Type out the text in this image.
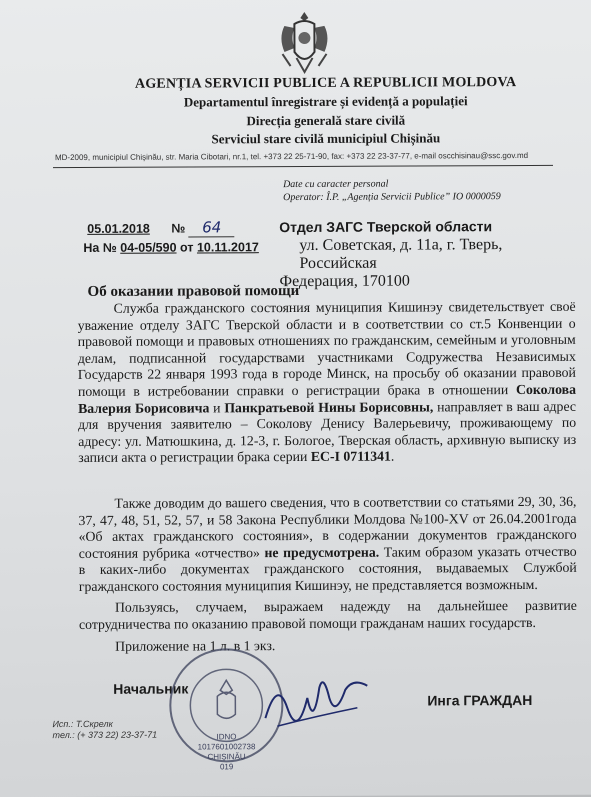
AGENȚIA SERVICII PUBLICE A REPUBLICII MOLDOVA
Departamentul înregistrare și evidență a populației
Direcția generală stare civilă
Serviciul stare civilă municipiul Chișinău
MD-2009, municipiul Chișinău, str. Maria Cibotari, nr.1, tel. +373 22 25-71-90, fax: +373 22 23-37-77, e-mail oscchisinau@ssc.gov.md
Date cu caracter personal
Operator: Î.P. „Agenția Servicii Publice” IO 0000059
05.01.2018 № 64
На № 04-05/590 от 10.11.2017
Отдел ЗАГС Тверской области
ул. Советская, д. 11а, г. Тверь, Российская
Федерация, 170100
Об оказании правовой помощи
Служба гражданского состояния муниципия Кишинэу свидетельствует своё уважение отделу ЗАГС Тверской области и в соответствии со ст.5 Конвенции о правовой помощи и правовых отношениях по гражданским, семейным и уголовным делам, подписанной государствами участниками Содружества Независимых Государств 22 января 1993 года в городе Минск, на просьбу об оказании правовой помощи в истребовании справки о регистрации брака в отношении Соколова Валерия Борисовича и Панкратьевой Нины Борисовны, направляет в ваш адрес для вручения заявителю – Соколову Денису Валерьевичу, проживающему по адресу: ул. Матюшкина, д. 12-3, г. Бологое, Тверская область, архивную выписку из записи акта о регистрации брака серии ЕС-I 0711341.
Также доводим до вашего сведения, что в соответствии со статьями 29, 30, 36, 37, 47, 48, 51, 52, 57, и 58 Закона Республики Молдова №100-XV от 26.04.2001года «Об актах гражданского состояния», в содержании документов гражданского состояния рубрика «отчество» не предусмотрена. Таким образом указать отчество в каких-либо документах гражданского состояния, выдаваемых Службой гражданского состояния муниципия Кишинэу, не представляется возможным.
Пользуясь, случаем, выражаем надежду на дальнейшее развитие сотрудничества по оказанию правовой помощи гражданам наших государств.
Приложение на 1 л. в 1 экз.
Начальник
IDNO 1017601002738
CHIȘINĂU
019
Инга ГРАЖДАН
Исп.: Т.Скрелк
тел.: (+ 373 22) 23-37-71
